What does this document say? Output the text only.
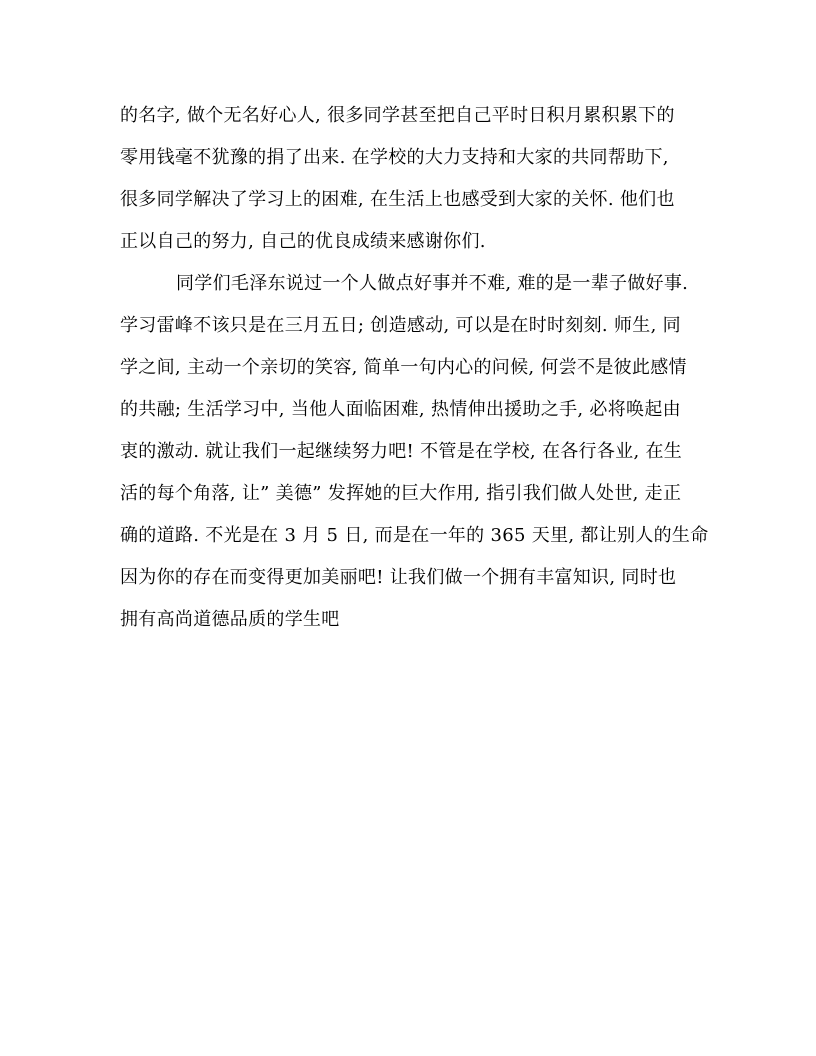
的名字, 做个无名好心人, 很多同学甚至把自己平时日积月累积累下的
零用钱毫不犹豫的捐了出来. 在学校的大力支持和大家的共同帮助下,
很多同学解决了学习上的困难, 在生活上也感受到大家的关怀. 他们也
正以自己的努力, 自己的优良成绩来感谢你们.
同学们毛泽东说过一个人做点好事并不难, 难的是一辈子做好事.
学习雷峰不该只是在三月五日; 创造感动, 可以是在时时刻刻. 师生, 同
学之间, 主动一个亲切的笑容, 简单一句内心的问候, 何尝不是彼此感情
的共融; 生活学习中, 当他人面临困难, 热情伸出援助之手, 必将唤起由
衷的激动. 就让我们一起继续努力吧! 不管是在学校, 在各行各业, 在生
活的每个角落, 让” 美德” 发挥她的巨大作用, 指引我们做人处世, 走正
确的道路. 不光是在 3 月 5 日, 而是在一年的 365 天里, 都让别人的生命
因为你的存在而变得更加美丽吧! 让我们做一个拥有丰富知识, 同时也
拥有高尚道德品质的学生吧
